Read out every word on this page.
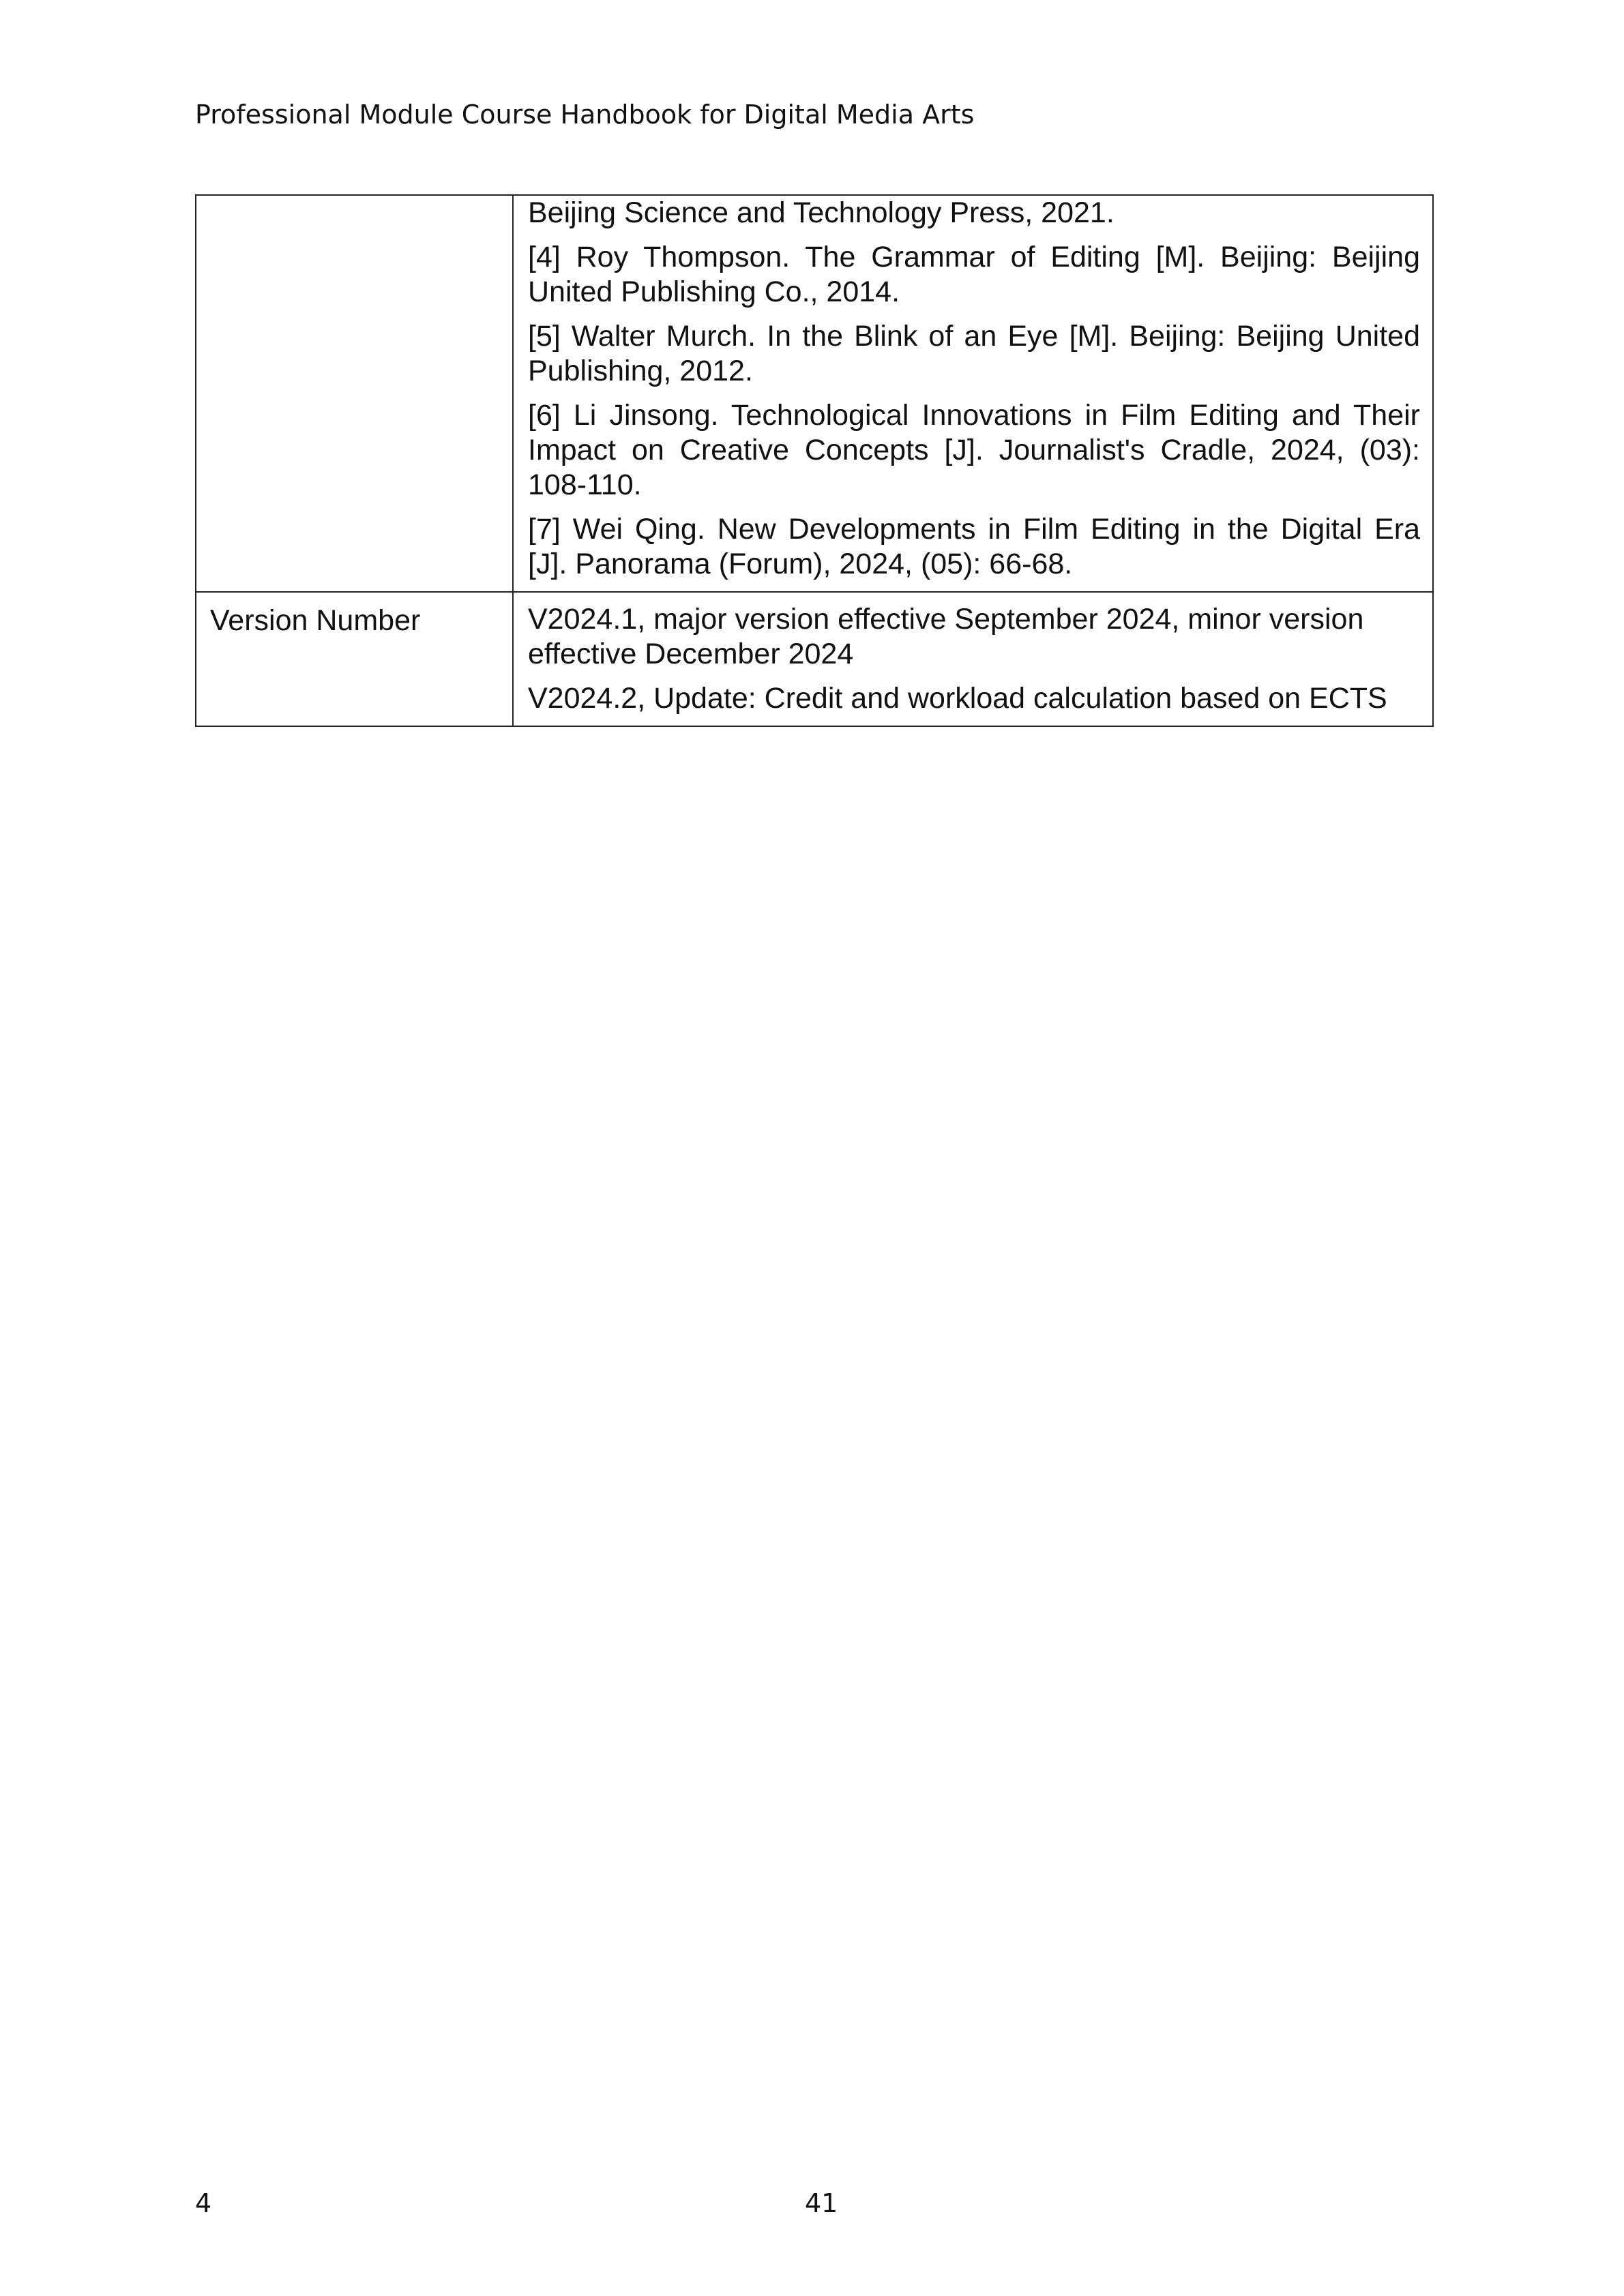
Professional Module Course Handbook for Digital Media Arts

	Beijing Science and Technology Press, 2021.

[4] Roy Thompson. The Grammar of Editing [M]. Beijing: Beijing United Publishing Co., 2014.

[5] Walter Murch. In the Blink of an Eye [M]. Beijing: Beijing United Publishing, 2012.

[6] Li Jinsong. Technological Innovations in Film Editing and Their Impact on Creative Concepts [J]. Journalist's Cradle, 2024, (03): 108-110.

[7] Wei Qing. New Developments in Film Editing in the Digital Era [J]. Panorama (Forum), 2024, (05): 66-68.

Version Number	V2024.1, major version effective September 2024, minor version effective December 2024

V2024.2, Update: Credit and workload calculation based on ECTS

4	41
